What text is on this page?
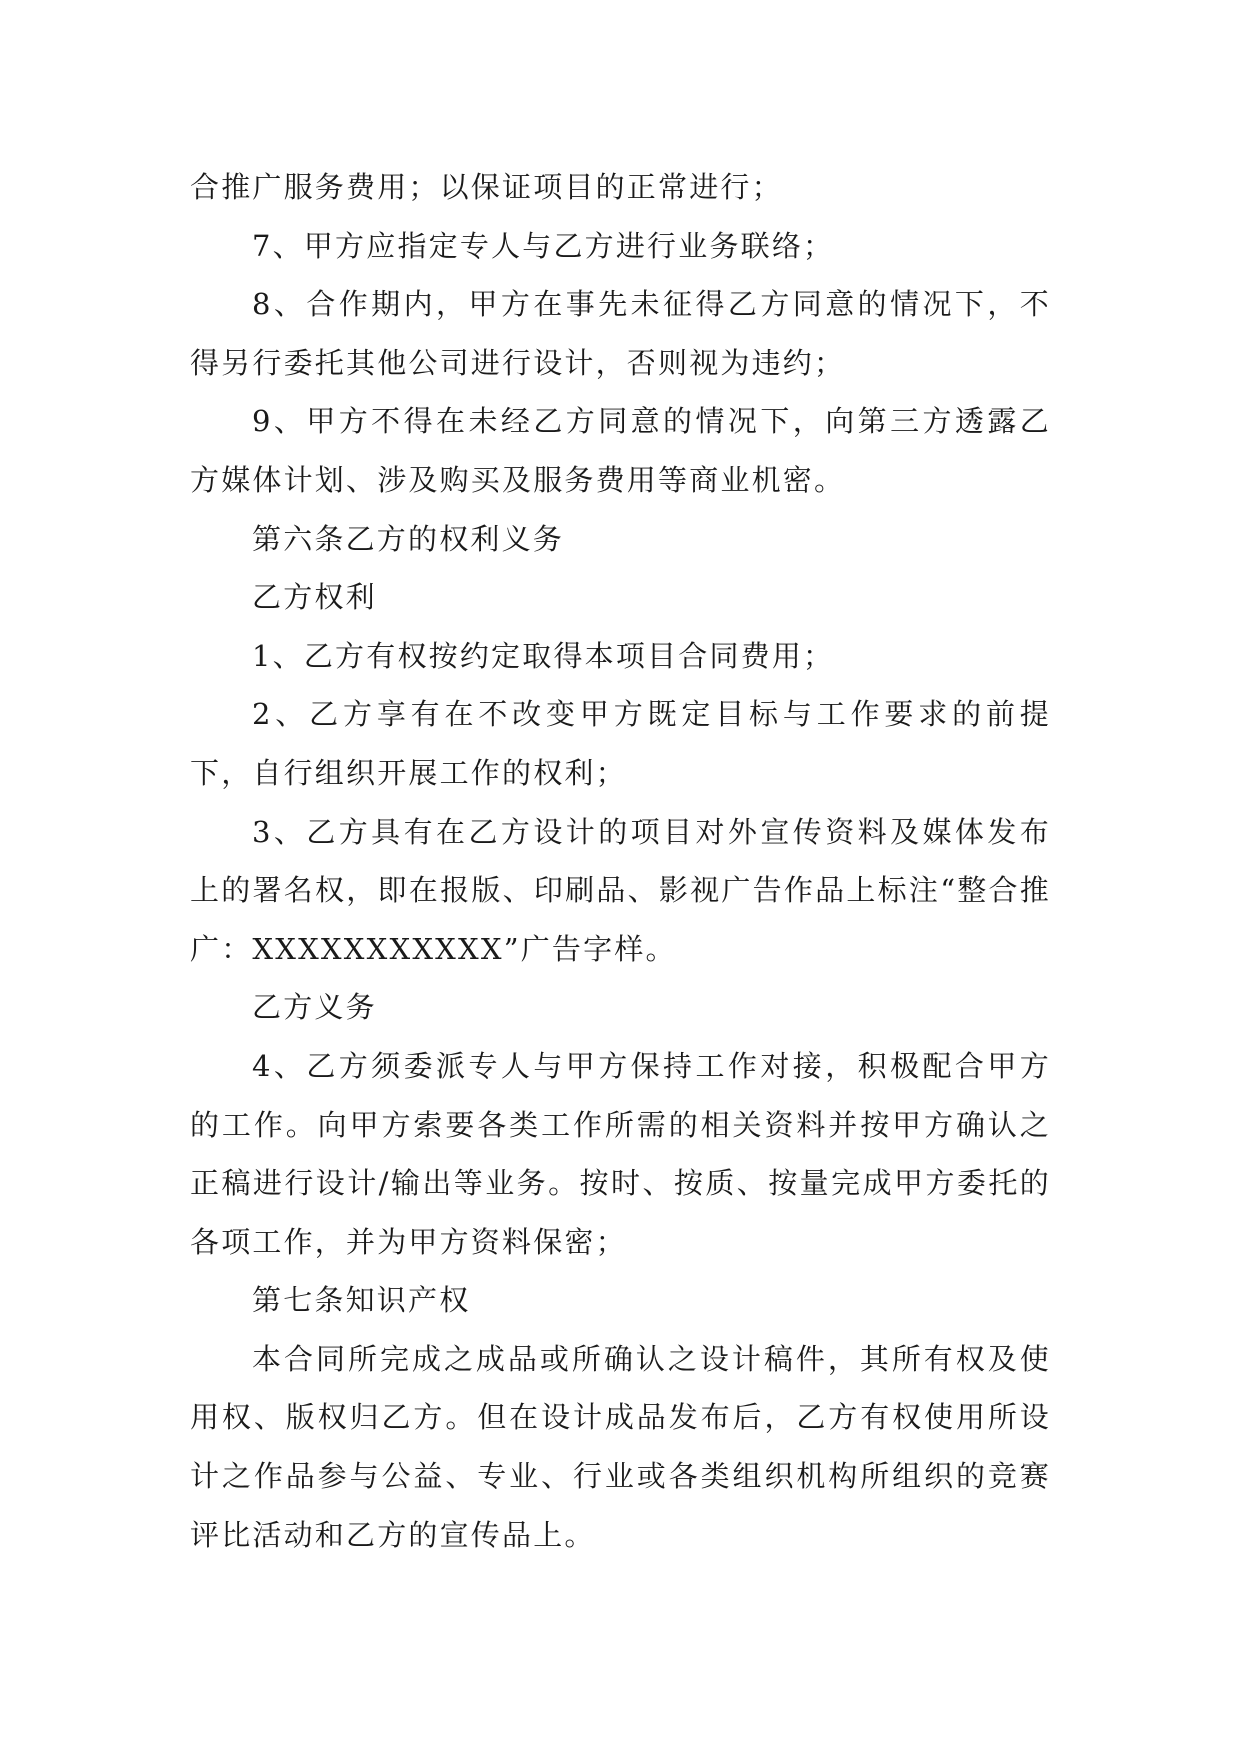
合推广服务费用；以保证项目的正常进行；

7、甲方应指定专人与乙方进行业务联络；

8、合作期内，甲方在事先未征得乙方同意的情况下，不得另行委托其他公司进行设计，否则视为违约；

9、甲方不得在未经乙方同意的情况下，向第三方透露乙方媒体计划、涉及购买及服务费用等商业机密。

第六条乙方的权利义务

乙方权利

1、乙方有权按约定取得本项目合同费用；

2、乙方享有在不改变甲方既定目标与工作要求的前提下，自行组织开展工作的权利；

3、乙方具有在乙方设计的项目对外宣传资料及媒体发布上的署名权，即在报版、印刷品、影视广告作品上标注“整合推广：XXXXXXXXXXX”广告字样。

乙方义务

4、乙方须委派专人与甲方保持工作对接，积极配合甲方的工作。向甲方索要各类工作所需的相关资料并按甲方确认之正稿进行设计/输出等业务。按时、按质、按量完成甲方委托的各项工作，并为甲方资料保密；

第七条知识产权

本合同所完成之成品或所确认之设计稿件，其所有权及使用权、版权归乙方。但在设计成品发布后，乙方有权使用所设计之作品参与公益、专业、行业或各类组织机构所组织的竞赛评比活动和乙方的宣传品上。
